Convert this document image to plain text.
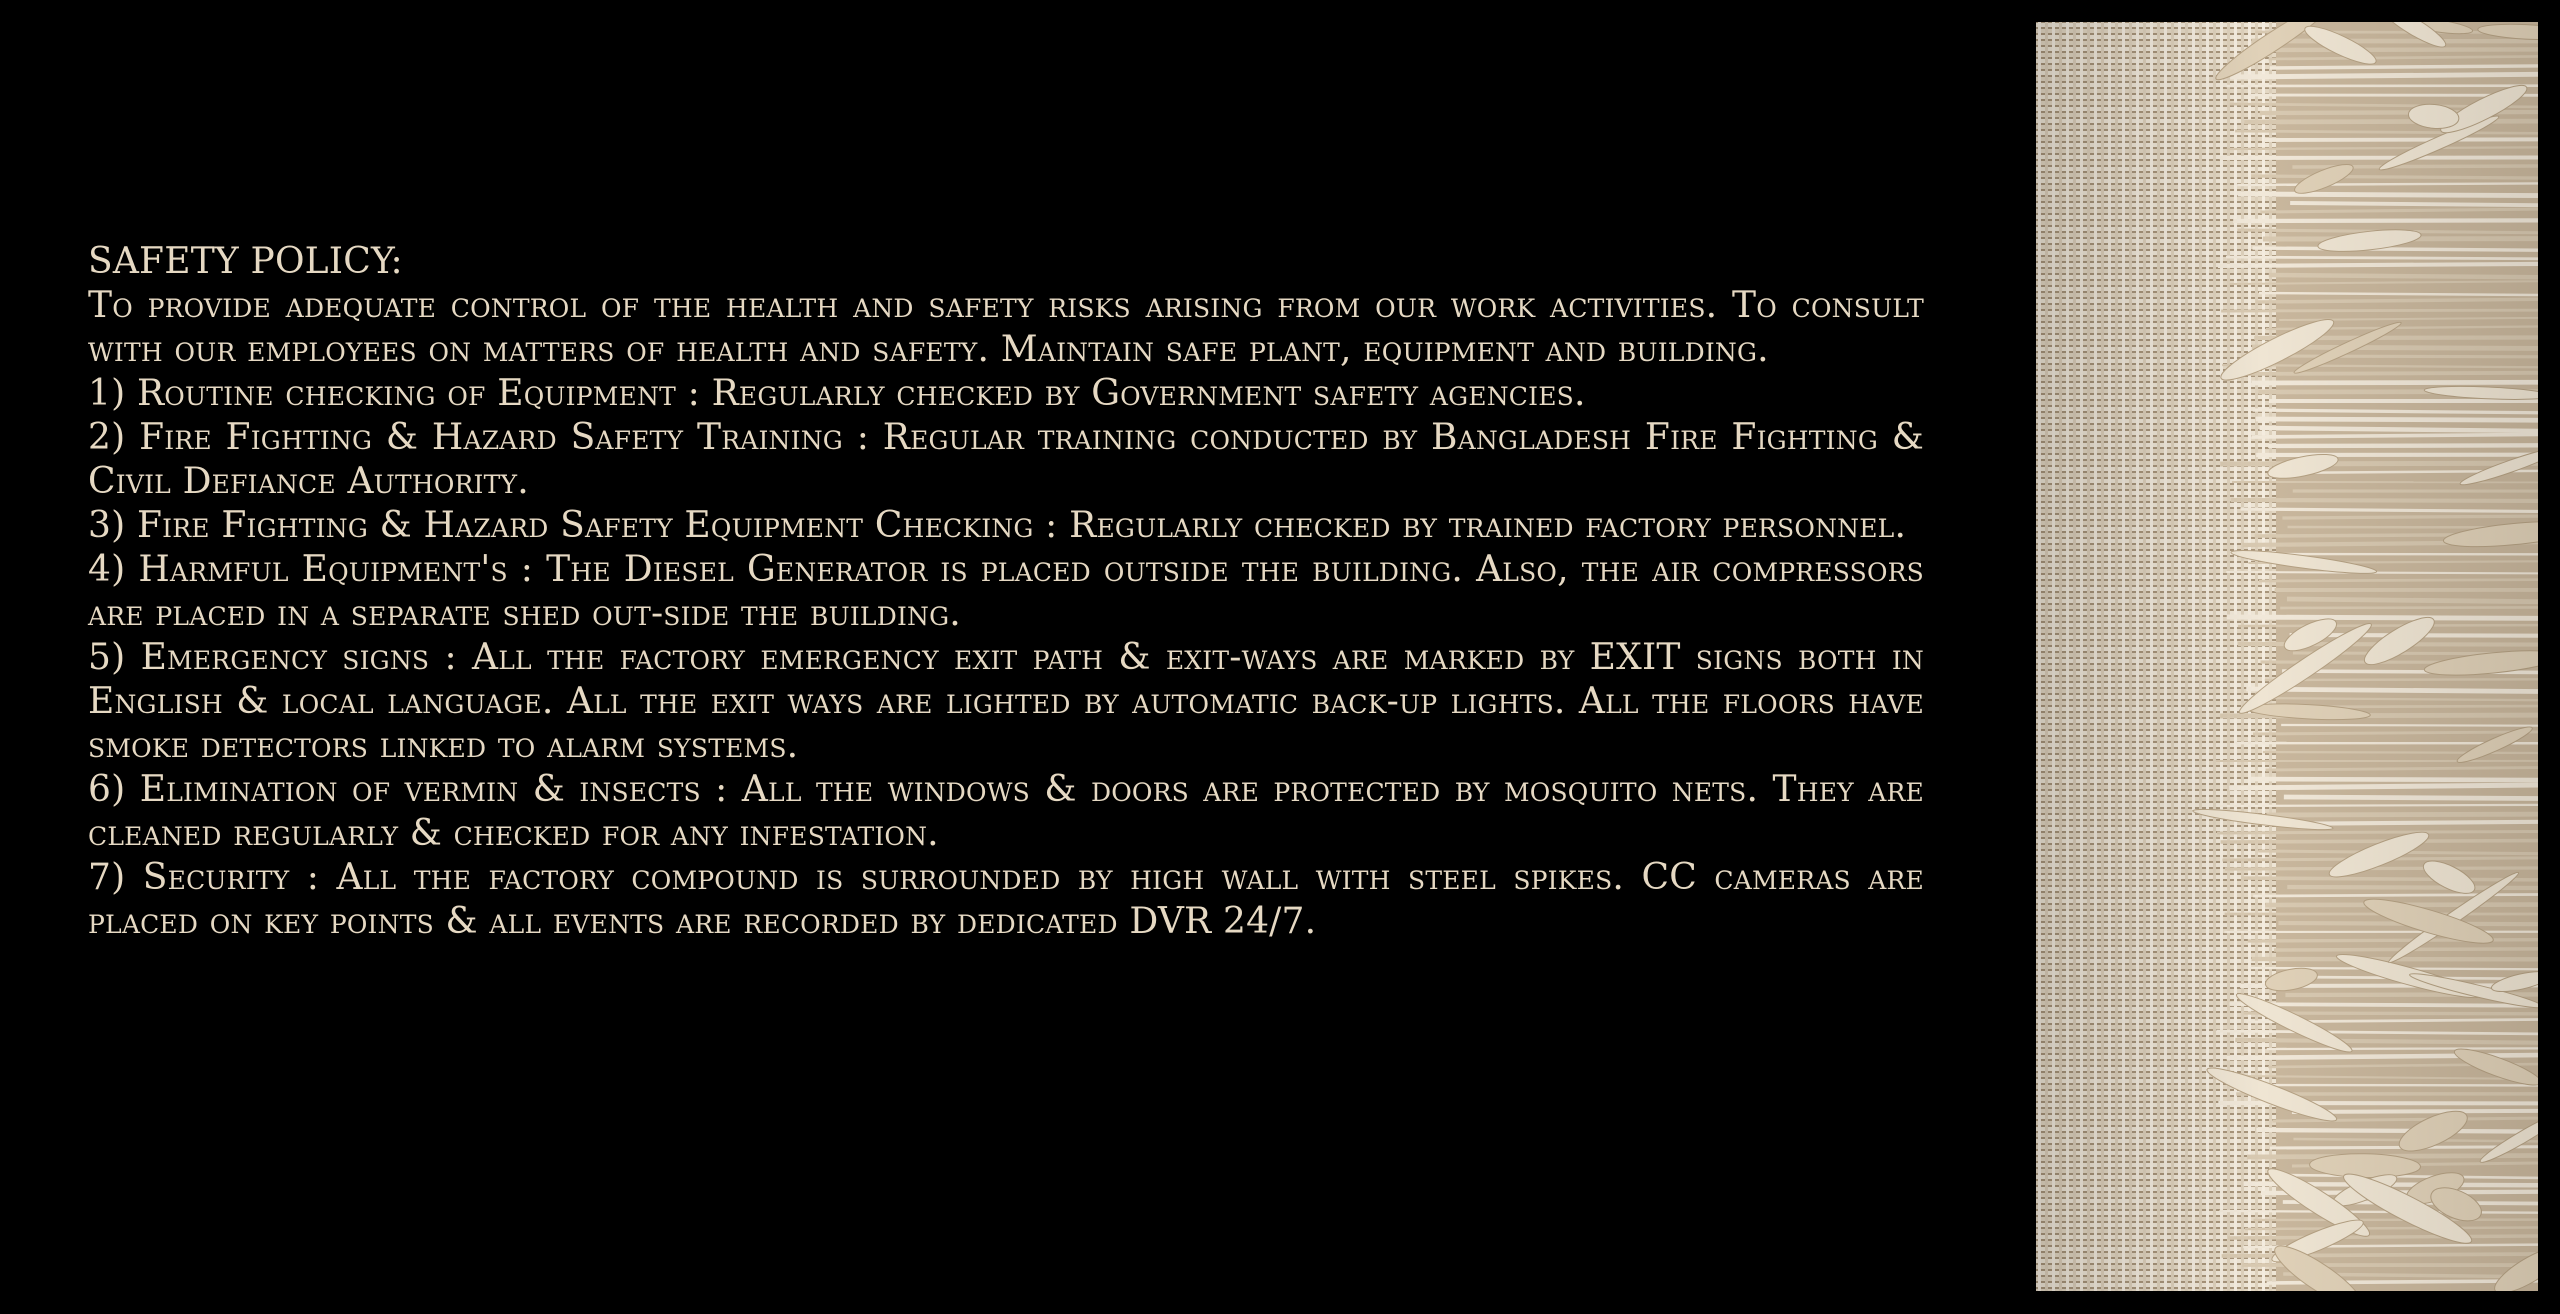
SAFETY POLICY:

To provide adequate control of the health and safety risks arising from our work activities. To consult with our employees on matters of health and safety. Maintain safe plant, equipment and building.

1) Routine checking of Equipment : Regularly checked by Government safety agencies.

2) Fire Fighting & Hazard Safety Training : Regular training conducted by Bangladesh Fire Fighting & Civil Defiance Authority.

3) Fire Fighting & Hazard Safety Equipment Checking : Regularly checked by trained factory personnel.

4) Harmful Equipment's : The Diesel Generator is placed outside the building. Also, the air compressors are placed in a separate shed out-side the building.

5) Emergency signs : All the factory emergency exit path & exit-ways are marked by EXIT signs both in English & local language. All the exit ways are lighted by automatic back-up lights. All the floors have smoke detectors linked to alarm systems.

6) Elimination of vermin & insects : All the windows & doors are protected by mosquito nets. They are cleaned regularly & checked for any infestation.

7) Security : All the factory compound is surrounded by high wall with steel spikes. CC cameras are placed on key points & all events are recorded by dedicated DVR 24/7.
